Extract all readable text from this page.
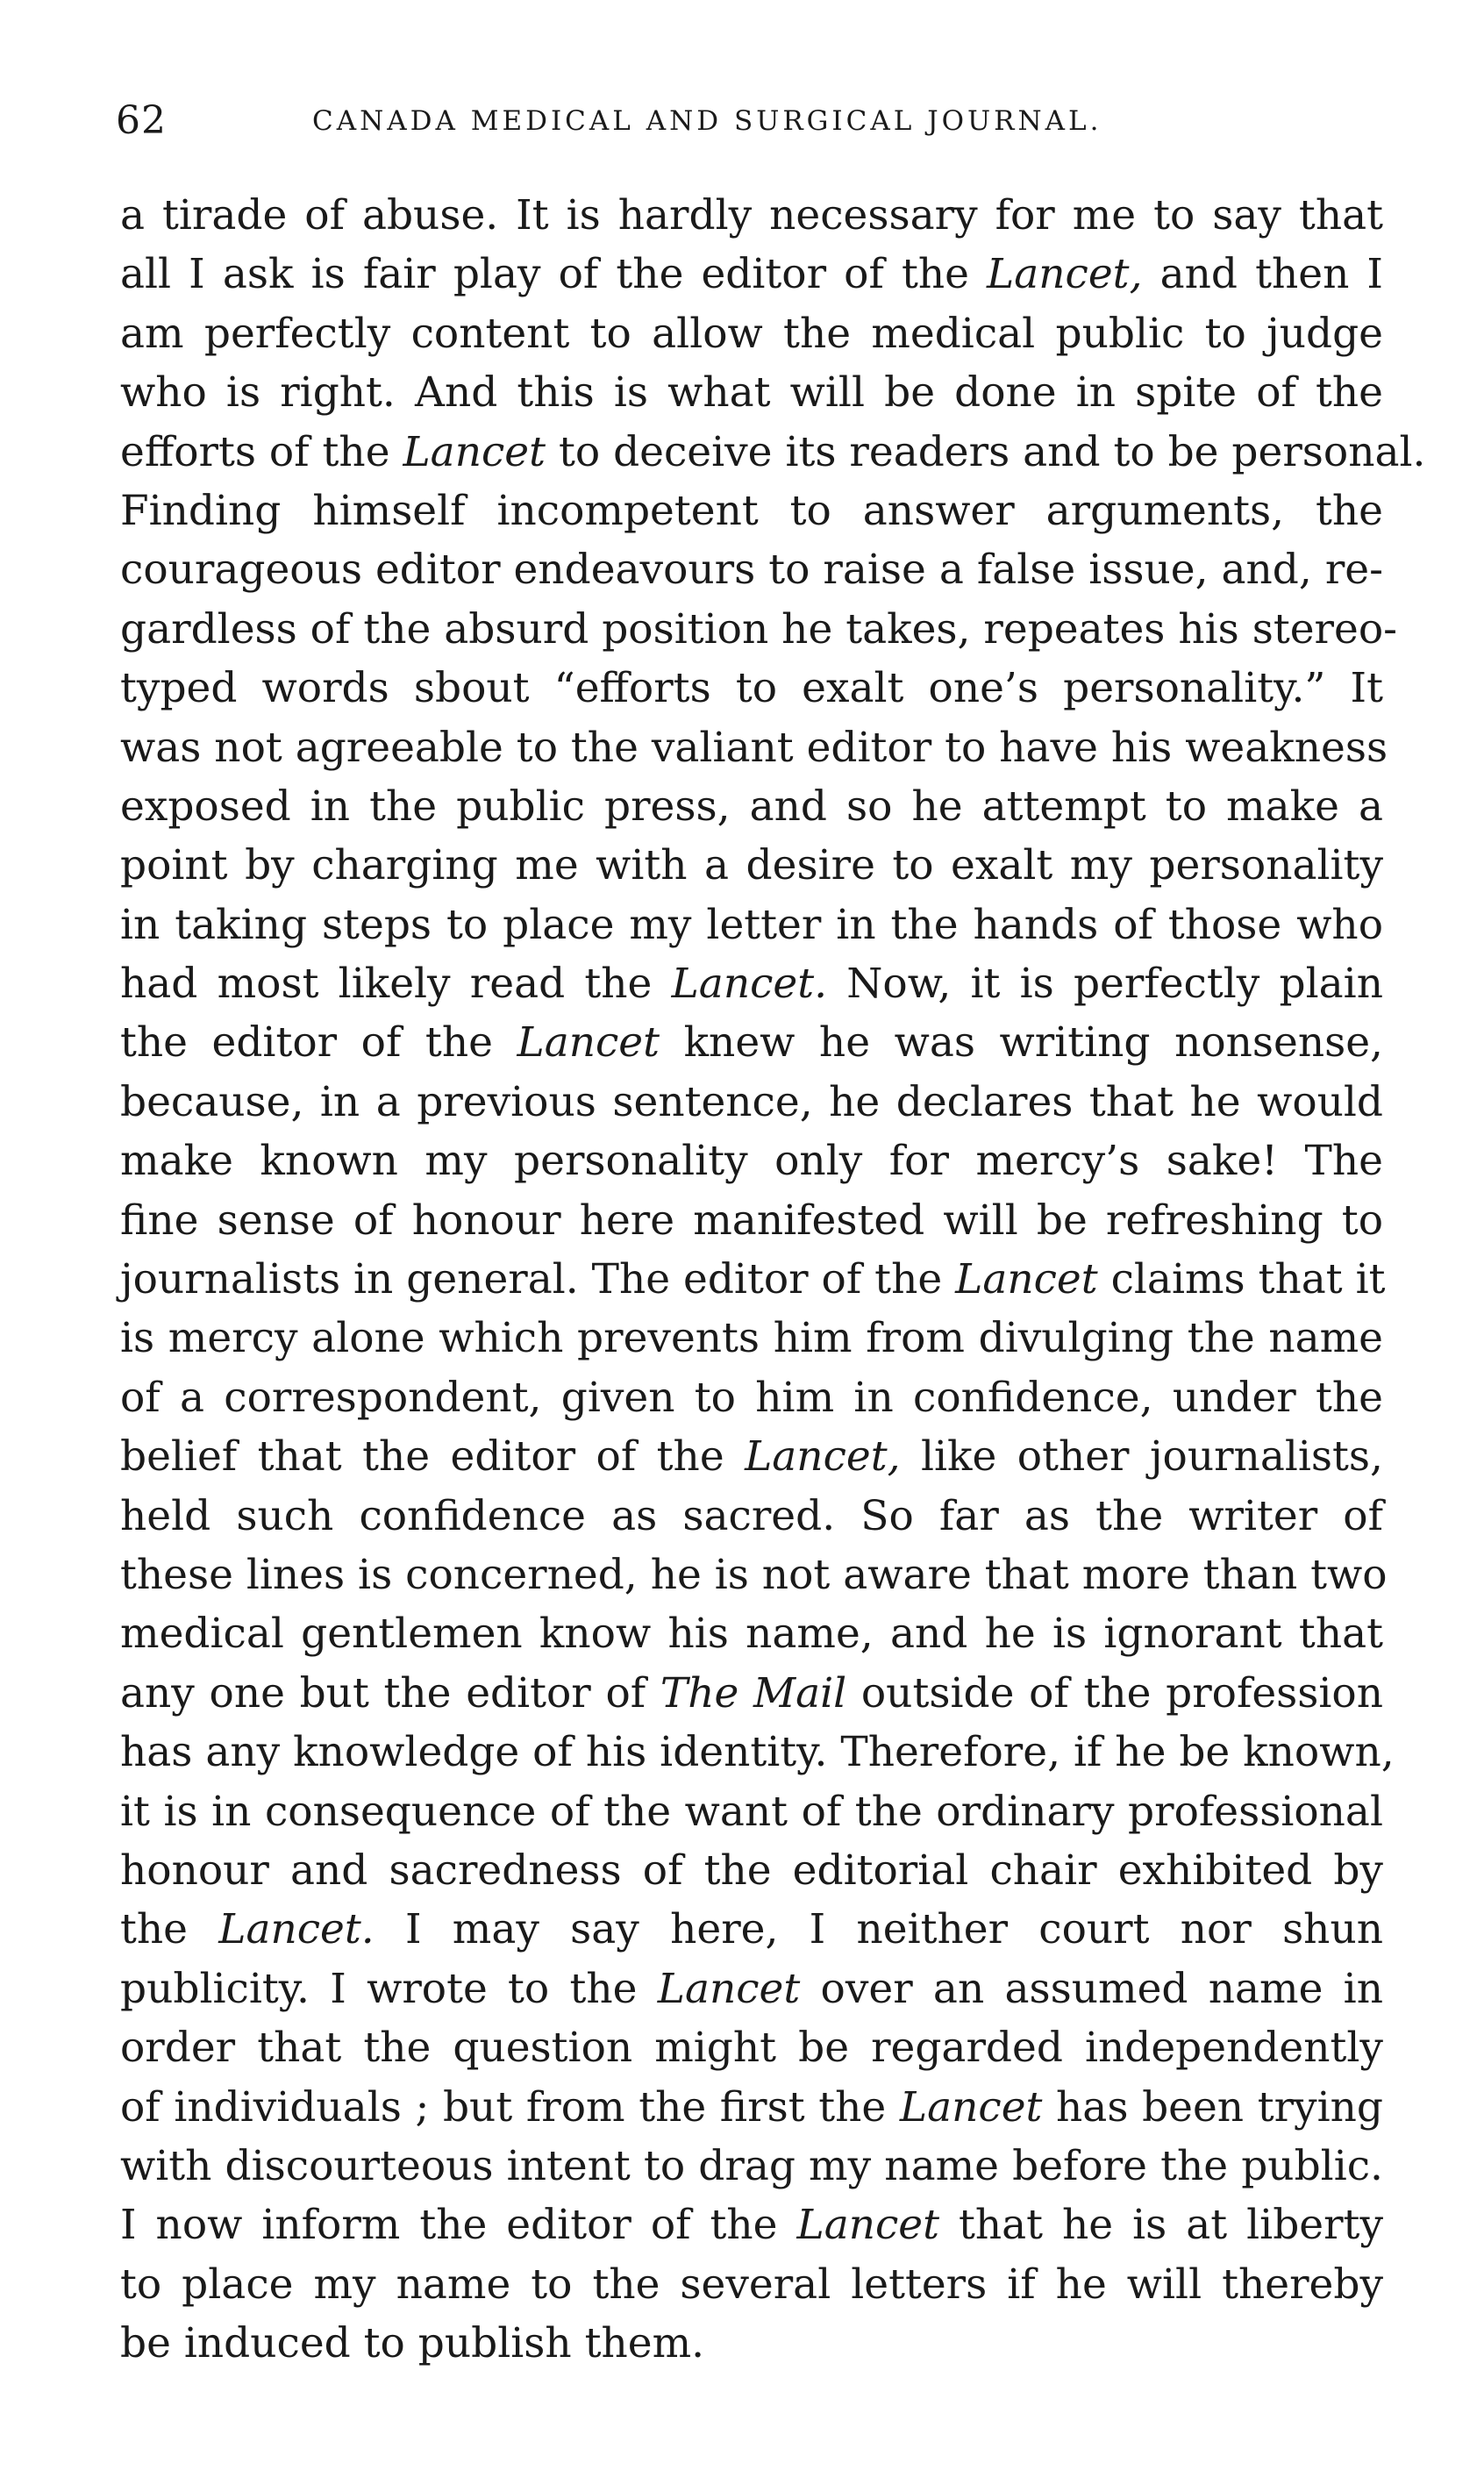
62	CANADA MEDICAL AND SURGICAL JOURNAL.
a tirade of abuse. It is hardly necessary for me to say that
all I ask is fair play of the editor of the Lancet, and then I
am perfectly content to allow the medical public to judge
who is right. And this is what will be done in spite of the
efforts of the Lancet to deceive its readers and to be personal.
Finding himself incompetent to answer arguments, the
courageous editor endeavours to raise a false issue, and, re-
gardless of the absurd position he takes, repeates his stereo-
typed words sbout “efforts to exalt one’s personality.” It
was not agreeable to the valiant editor to have his weakness
exposed in the public press, and so he attempt to make a
point by charging me with a desire to exalt my personality
in taking steps to place my letter in the hands of those who
had most likely read the Lancet. Now, it is perfectly plain
the editor of the Lancet knew he was writing nonsense,
because, in a previous sentence, he declares that he would
make known my personality only for mercy’s sake! The
fine sense of honour here manifested will be refreshing to
journalists in general. The editor of the Lancet claims that it
is mercy alone which prevents him from divulging the name
of a correspondent, given to him in confidence, under the
belief that the editor of the Lancet, like other journalists,
held such confidence as sacred. So far as the writer of
these lines is concerned, he is not aware that more than two
medical gentlemen know his name, and he is ignorant that
any one but the editor of The Mail outside of the profession
has any knowledge of his identity. Therefore, if he be known,
it is in consequence of the want of the ordinary professional
honour and sacredness of the editorial chair exhibited by
the Lancet. I may say here, I neither court nor shun
publicity. I wrote to the Lancet over an assumed name in
order that the question might be regarded independently
of individuals ; but from the first the Lancet has been trying
with discourteous intent to drag my name before the public.
I now inform the editor of the Lancet that he is at liberty
to place my name to the several letters if he will thereby
be induced to publish them.
